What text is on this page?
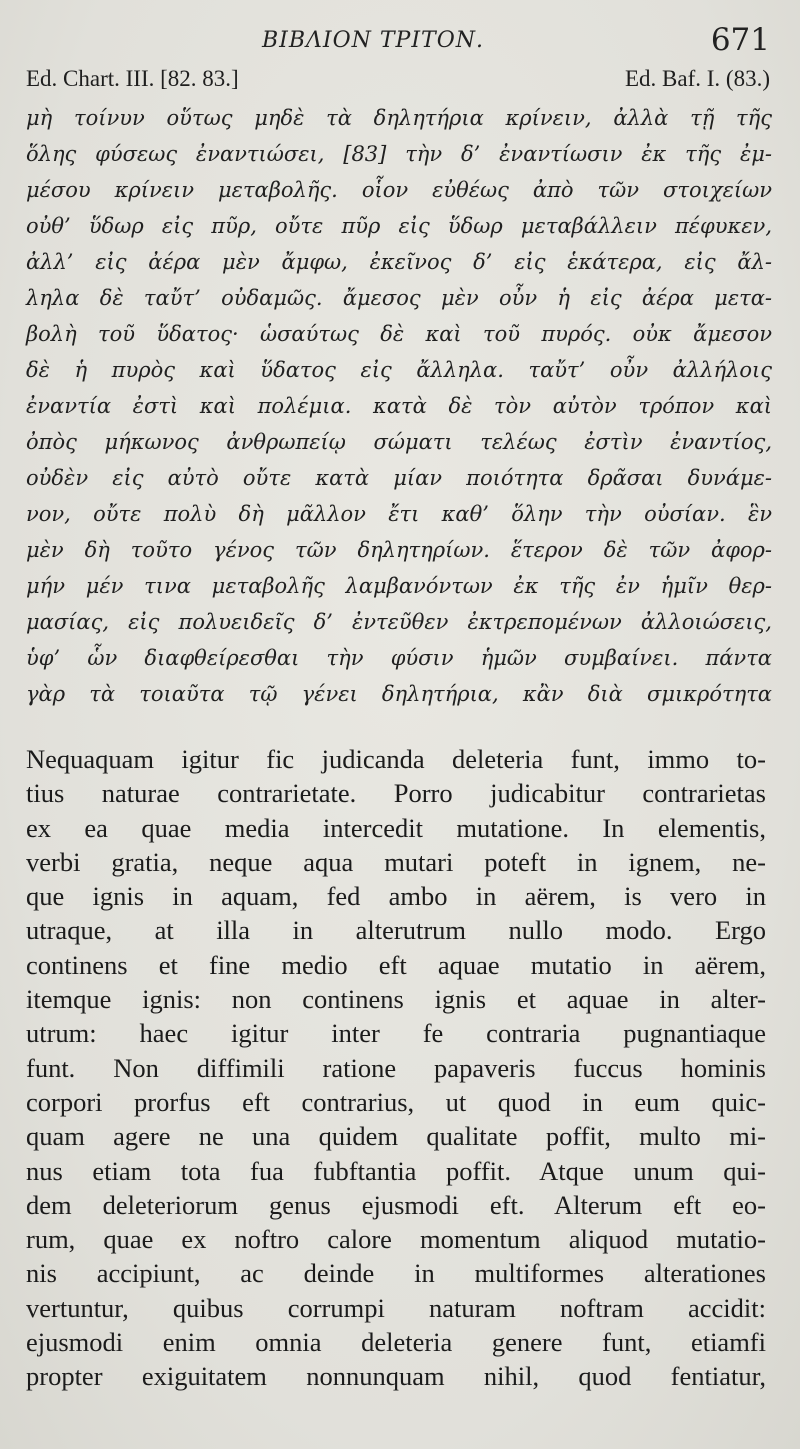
ΒΙΒΛΙΟΝ ΤΡΙΤΟΝ.	671
Ed. Chart. III. [82. 83.]	Ed. Baf. I. (83.)
μὴ τοίνυν οὕτως μηδὲ τὰ δηλητήρια κρίνειν, ἀλλὰ τῇ τῆς
ὅλης φύσεως ἐναντιώσει, [83] τὴν δ’ ἐναντίωσιν ἐκ τῆς ἐμ-
μέσου κρίνειν μεταβολῆς. οἷον εὐθέως ἀπὸ τῶν στοιχείων
οὐθ’ ὕδωρ εἰς πῦρ, οὔτε πῦρ εἰς ὕδωρ μεταβάλλειν πέφυκεν,
ἀλλ’ εἰς ἀέρα μὲν ἄμφω, ἐκεῖνος δ’ εἰς ἑκάτερα, εἰς ἄλ-
ληλα δὲ ταὔτ’ οὐδαμῶς. ἄμεσος μὲν οὖν ἡ εἰς ἀέρα μετα-
βολὴ τοῦ ὕδατος· ὡσαύτως δὲ καὶ τοῦ πυρός. οὐκ ἄμεσον
δὲ ἡ πυρὸς καὶ ὕδατος εἰς ἄλληλα. ταὔτ’ οὖν ἀλλήλοις
ἐναντία ἐστὶ καὶ πολέμια. κατὰ δὲ τὸν αὐτὸν τρόπον καὶ
ὀπὸς μήκωνος ἀνθρωπείῳ σώματι τελέως ἐστὶν ἐναντίος,
οὐδὲν εἰς αὐτὸ οὔτε κατὰ μίαν ποιότητα δρᾶσαι δυνάμε-
νον, οὔτε πολὺ δὴ μᾶλλον ἔτι καθ’ ὅλην τὴν οὐσίαν. ἓν
μὲν δὴ τοῦτο γένος τῶν δηλητηρίων. ἕτερον δὲ τῶν ἀφορ-
μήν μέν τινα μεταβολῆς λαμβανόντων ἐκ τῆς ἐν ἡμῖν θερ-
μασίας, εἰς πολυειδεῖς δ’ ἐντεῦθεν ἐκτρεπομένων ἀλλοιώσεις,
ὑφ’ ὧν διαφθείρεσθαι τὴν φύσιν ἡμῶν συμβαίνει. πάντα
γὰρ τὰ τοιαῦτα τῷ γένει δηλητήρια, κἂν διὰ σμικρότητα
Nequaquam igitur fic judicanda deleteria funt, immo to-
tius naturae contrarietate. Porro judicabitur contrarietas
ex ea quae media intercedit mutatione. In elementis,
verbi gratia, neque aqua mutari poteft in ignem, ne-
que ignis in aquam, fed ambo in aërem, is vero in
utraque, at illa in alterutrum nullo modo. Ergo
continens et fine medio eft aquae mutatio in aërem,
itemque ignis: non continens ignis et aquae in alter-
utrum: haec igitur inter fe contraria pugnantiaque
funt. Non diffimili ratione papaveris fuccus hominis
corpori prorfus eft contrarius, ut quod in eum quic-
quam agere ne una quidem qualitate poffit, multo mi-
nus etiam tota fua fubftantia poffit. Atque unum qui-
dem deleteriorum genus ejusmodi eft. Alterum eft eo-
rum, quae ex noftro calore momentum aliquod mutatio-
nis accipiunt, ac deinde in multiformes alterationes
vertuntur, quibus corrumpi naturam noftram accidit:
ejusmodi enim omnia deleteria genere funt, etiamfi
propter exiguitatem nonnunquam nihil, quod fentiatur,
